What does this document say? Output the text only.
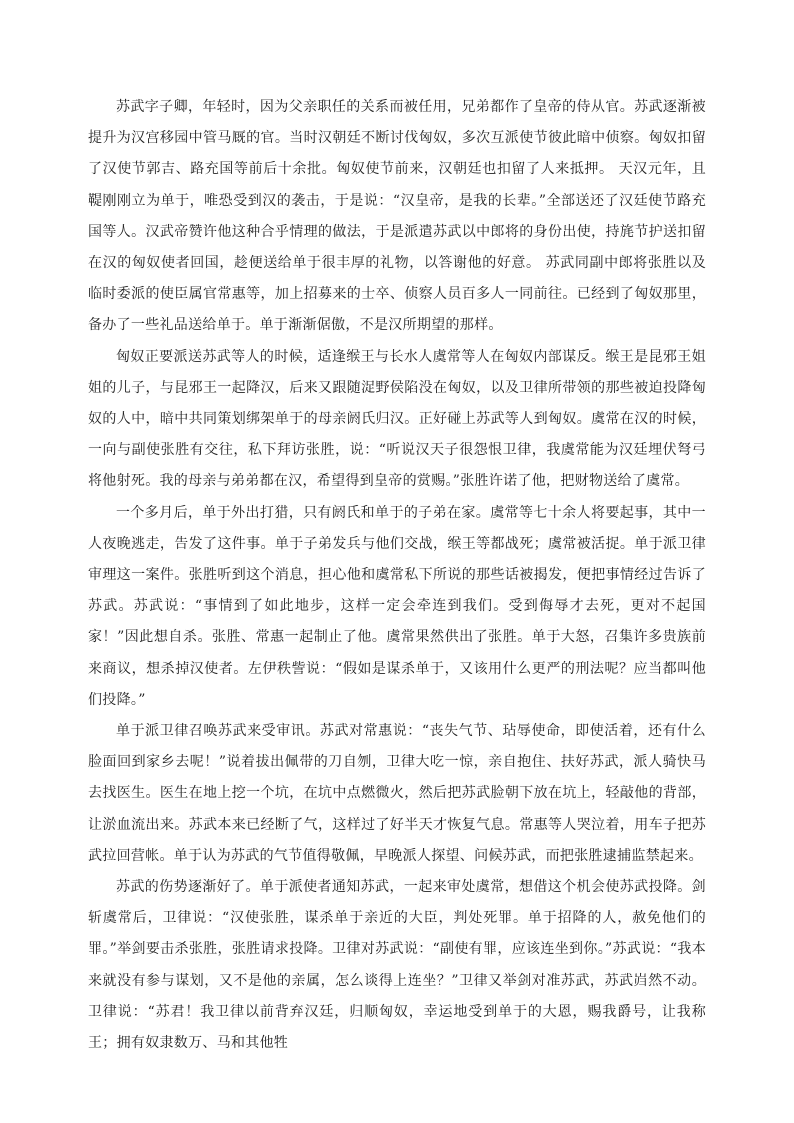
苏武字子卿，年轻时，因为父亲职任的关系而被任用，兄弟都作了皇帝的侍从官。苏武逐渐被提升为汉宫移园中管马厩的官。当时汉朝廷不断讨伐匈奴，多次互派使节彼此暗中侦察。匈奴扣留了汉使节郭吉、路充国等前后十余批。匈奴使节前来，汉朝廷也扣留了人来抵押。 天汉元年，且鞮刚刚立为单于，唯恐受到汉的袭击，于是说：“汉皇帝，是我的长辈。”全部送还了汉廷使节路充国等人。汉武帝赞许他这种合乎情理的做法，于是派遣苏武以中郎将的身份出使，持旄节护送扣留在汉的匈奴使者回国，趁便送给单于很丰厚的礼物，以答谢他的好意。 苏武同副中郎将张胜以及临时委派的使臣属官常惠等，加上招募来的士卒、侦察人员百多人一同前往。已经到了匈奴那里，备办了一些礼品送给单于。单于渐渐倨傲，不是汉所期望的那样。

匈奴正要派送苏武等人的时候，适逢缑王与长水人虞常等人在匈奴内部谋反。缑王是昆邪王姐姐的儿子，与昆邪王一起降汉，后来又跟随浞野侯陷没在匈奴，以及卫律所带领的那些被迫投降匈奴的人中，暗中共同策划绑架单于的母亲阏氏归汉。正好碰上苏武等人到匈奴。虞常在汉的时候，一向与副使张胜有交往，私下拜访张胜，说：“听说汉天子很怨恨卫律，我虞常能为汉廷埋伏弩弓将他射死。我的母亲与弟弟都在汉，希望得到皇帝的赏赐。”张胜许诺了他，把财物送给了虞常。

一个多月后，单于外出打猎，只有阏氏和单于的子弟在家。虞常等七十余人将要起事，其中一人夜晚逃走，告发了这件事。单于子弟发兵与他们交战，缑王等都战死；虞常被活捉。单于派卫律审理这一案件。张胜听到这个消息，担心他和虞常私下所说的那些话被揭发，便把事情经过告诉了苏武。苏武说：“事情到了如此地步，这样一定会牵连到我们。受到侮辱才去死，更对不起国家！”因此想自杀。张胜、常惠一起制止了他。虞常果然供出了张胜。单于大怒，召集许多贵族前来商议，想杀掉汉使者。左伊秩訾说：“假如是谋杀单于，又该用什么更严的刑法呢？应当都叫他们投降。”

单于派卫律召唤苏武来受审讯。苏武对常惠说：“丧失气节、玷辱使命，即使活着，还有什么脸面回到家乡去呢！”说着拔出佩带的刀自刎，卫律大吃一惊，亲自抱住、扶好苏武，派人骑快马去找医生。医生在地上挖一个坑，在坑中点燃微火，然后把苏武脸朝下放在坑上，轻敲他的背部，让淤血流出来。苏武本来已经断了气，这样过了好半天才恢复气息。常惠等人哭泣着，用车子把苏武拉回营帐。单于认为苏武的气节值得敬佩，早晚派人探望、问候苏武，而把张胜逮捕监禁起来。

苏武的伤势逐渐好了。单于派使者通知苏武，一起来审处虞常，想借这个机会使苏武投降。剑斩虞常后，卫律说：“汉使张胜，谋杀单于亲近的大臣，判处死罪。单于招降的人，赦免他们的罪。”举剑要击杀张胜，张胜请求投降。卫律对苏武说：“副使有罪，应该连坐到你。”苏武说：“我本来就没有参与谋划，又不是他的亲属，怎么谈得上连坐？”卫律又举剑对准苏武，苏武岿然不动。卫律说：“苏君！我卫律以前背弃汉廷，归顺匈奴，幸运地受到单于的大恩，赐我爵号，让我称王；拥有奴隶数万、马和其他牲
